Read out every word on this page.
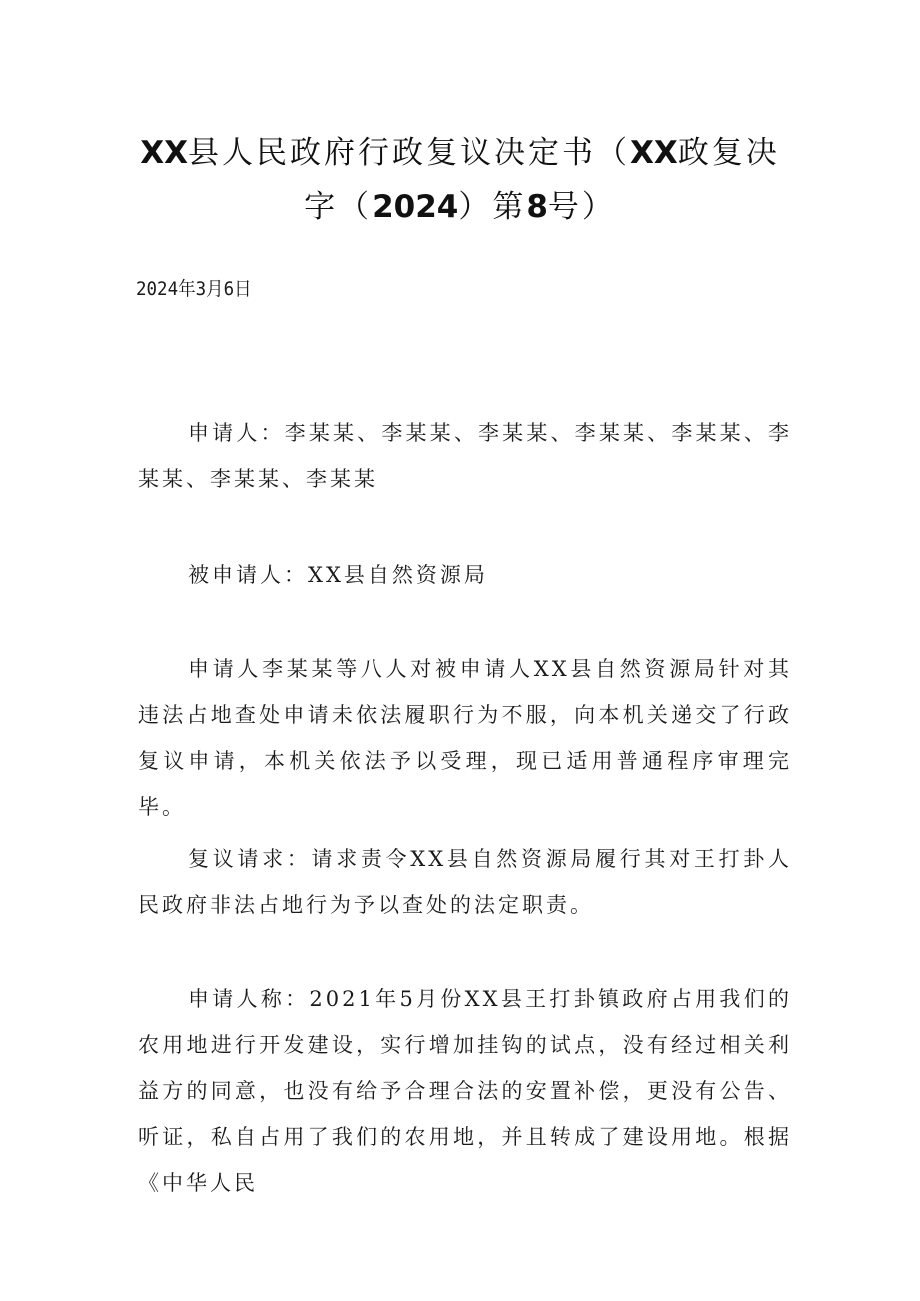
XX县人民政府行政复议决定书（XX政复决
字（2024）第8号）
2024年3月6日

申请人：李某某、李某某、李某某、李某某、李某某、李某某、李某某、李某某

被申请人：XX县自然资源局

申请人李某某等八人对被申请人XX县自然资源局针对其违法占地查处申请未依法履职行为不服，向本机关递交了行政复议申请，本机关依法予以受理，现已适用普通程序审理完毕。

复议请求：请求责令XX县自然资源局履行其对王打卦人民政府非法占地行为予以查处的法定职责。

申请人称：2021年5月份XX县王打卦镇政府占用我们的农用地进行开发建设，实行增加挂钩的试点，没有经过相关利益方的同意，也没有给予合理合法的安置补偿，更没有公告、听证，私自占用了我们的农用地，并且转成了建设用地。根据《中华人民
